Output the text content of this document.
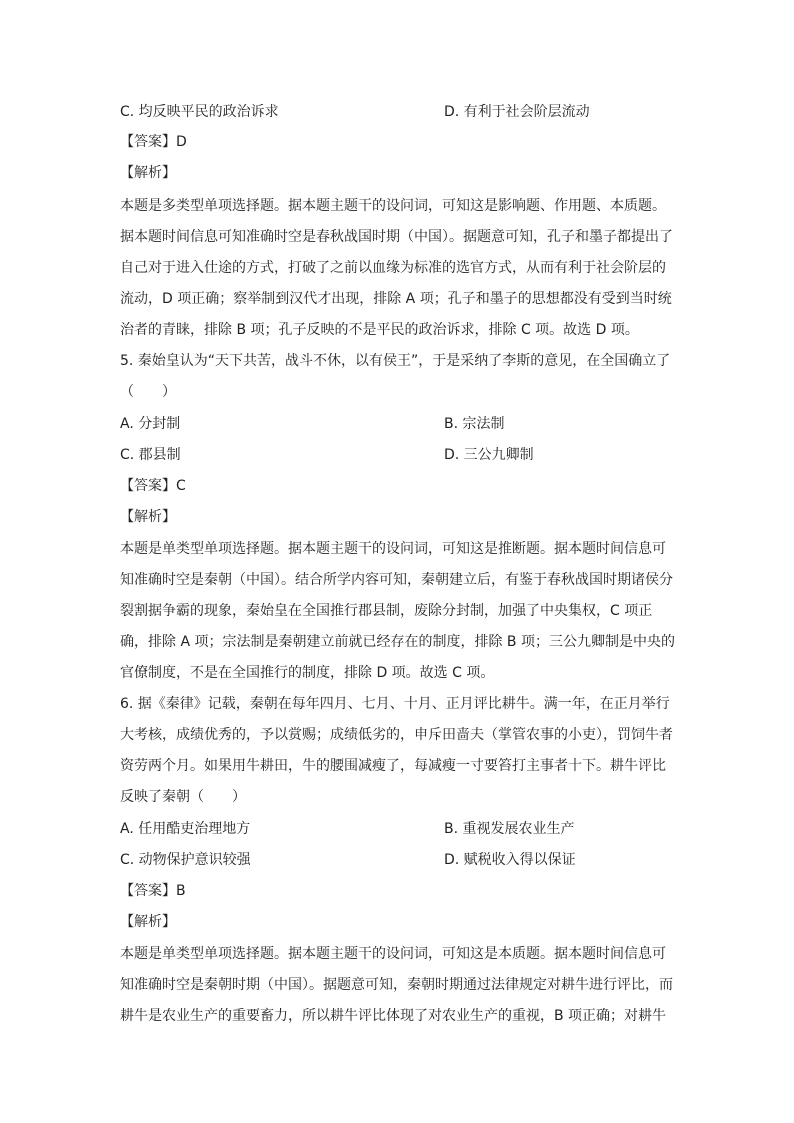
C. 均反映平民的政治诉求	D. 有利于社会阶层流动
【答案】D
【解析】
本题是多类型单项选择题。据本题主题干的设问词，可知这是影响题、作用题、本质题。
据本题时间信息可知准确时空是春秋战国时期（中国）。据题意可知，孔子和墨子都提出了
自己对于进入仕途的方式，打破了之前以血缘为标准的选官方式，从而有利于社会阶层的
流动，D 项正确；察举制到汉代才出现，排除 A 项；孔子和墨子的思想都没有受到当时统
治者的青睐，排除 B 项；孔子反映的不是平民的政治诉求，排除 C 项。故选 D 项。
5. 秦始皇认为“天下共苦，战斗不休，以有侯王”，于是采纳了李斯的意见，在全国确立了
（　　）
A. 分封制	B. 宗法制
C. 郡县制	D. 三公九卿制
【答案】C
【解析】
本题是单类型单项选择题。据本题主题干的设问词，可知这是推断题。据本题时间信息可
知准确时空是秦朝（中国）。结合所学内容可知，秦朝建立后，有鉴于春秋战国时期诸侯分
裂割据争霸的现象，秦始皇在全国推行郡县制，废除分封制，加强了中央集权，C 项正
确，排除 A 项；宗法制是秦朝建立前就已经存在的制度，排除 B 项；三公九卿制是中央的
官僚制度，不是在全国推行的制度，排除 D 项。故选 C 项。
6. 据《秦律》记载，秦朝在每年四月、七月、十月、正月评比耕牛。满一年，在正月举行
大考核，成绩优秀的，予以赏赐；成绩低劣的，申斥田啬夫（掌管农事的小吏），罚饲牛者
资劳两个月。如果用牛耕田，牛的腰围减瘦了，每减瘦一寸要笞打主事者十下。耕牛评比
反映了秦朝（　　）
A. 任用酷吏治理地方	B. 重视发展农业生产
C. 动物保护意识较强	D. 赋税收入得以保证
【答案】B
【解析】
本题是单类型单项选择题。据本题主题干的设问词，可知这是本质题。据本题时间信息可
知准确时空是秦朝时期（中国）。据题意可知，秦朝时期通过法律规定对耕牛进行评比，而
耕牛是农业生产的重要畜力，所以耕牛评比体现了对农业生产的重视，B 项正确；对耕牛
